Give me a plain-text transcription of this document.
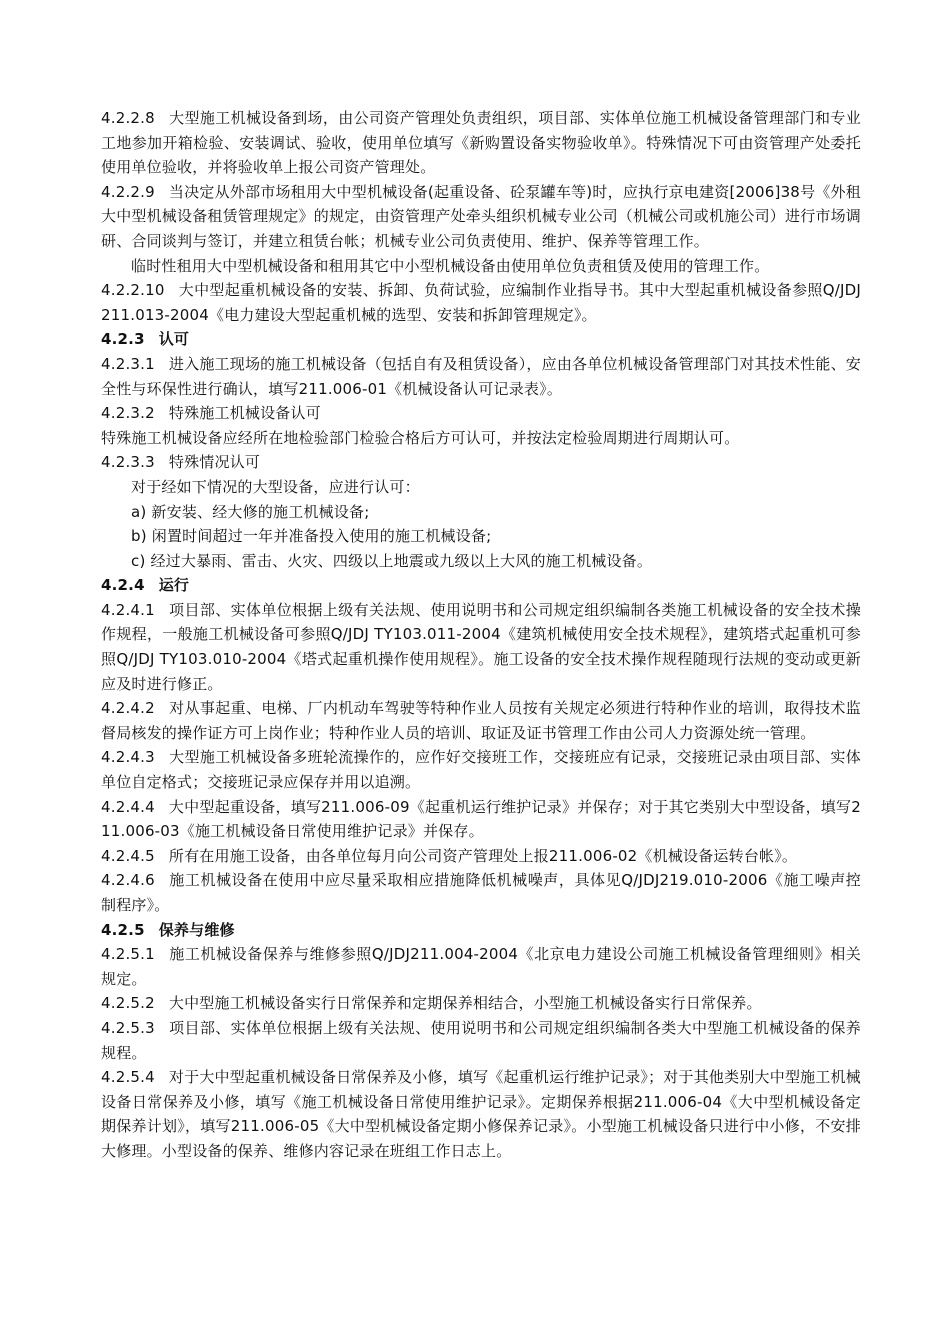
4.2.2.8 大型施工机械设备到场，由公司资产管理处负责组织，项目部、实体单位施工机械设备管理部门和专业工地参加开箱检验、安装调试、验收，使用单位填写《新购置设备实物验收单》。特殊情况下可由资管理产处委托使用单位验收，并将验收单上报公司资产管理处。

4.2.2.9 当决定从外部市场租用大中型机械设备(起重设备、砼泵罐车等)时，应执行京电建资[2006]38号《外租大中型机械设备租赁管理规定》的规定，由资管理产处牵头组织机械专业公司（机械公司或机施公司）进行市场调研、合同谈判与签订，并建立租赁台帐；机械专业公司负责使用、维护、保养等管理工作。

临时性租用大中型机械设备和租用其它中小型机械设备由使用单位负责租赁及使用的管理工作。

4.2.2.10 大中型起重机械设备的安装、拆卸、负荷试验，应编制作业指导书。其中大型起重机械设备参照Q/JDJ211.013-2004《电力建设大型起重机械的选型、安装和拆卸管理规定》。

4.2.3 认可

4.2.3.1 进入施工现场的施工机械设备（包括自有及租赁设备），应由各单位机械设备管理部门对其技术性能、安全性与环保性进行确认，填写211.006-01《机械设备认可记录表》。

4.2.3.2 特殊施工机械设备认可

特殊施工机械设备应经所在地检验部门检验合格后方可认可，并按法定检验周期进行周期认可。

4.2.3.3 特殊情况认可

对于经如下情况的大型设备，应进行认可：

a) 新安装、经大修的施工机械设备;

b) 闲置时间超过一年并准备投入使用的施工机械设备;

c) 经过大暴雨、雷击、火灾、四级以上地震或九级以上大风的施工机械设备。

4.2.4 运行

4.2.4.1 项目部、实体单位根据上级有关法规、使用说明书和公司规定组织编制各类施工机械设备的安全技术操作规程，一般施工机械设备可参照Q/JDJ TY103.011-2004《建筑机械使用安全技术规程》，建筑塔式起重机可参照Q/JDJ TY103.010-2004《塔式起重机操作使用规程》。施工设备的安全技术操作规程随现行法规的变动或更新应及时进行修正。

4.2.4.2 对从事起重、电梯、厂内机动车驾驶等特种作业人员按有关规定必须进行特种作业的培训，取得技术监督局核发的操作证方可上岗作业；特种作业人员的培训、取证及证书管理工作由公司人力资源处统一管理。

4.2.4.3 大型施工机械设备多班轮流操作的，应作好交接班工作，交接班应有记录，交接班记录由项目部、实体单位自定格式；交接班记录应保存并用以追溯。

4.2.4.4 大中型起重设备，填写211.006-09《起重机运行维护记录》并保存；对于其它类别大中型设备，填写211.006-03《施工机械设备日常使用维护记录》并保存。

4.2.4.5 所有在用施工设备，由各单位每月向公司资产管理处上报211.006-02《机械设备运转台帐》。

4.2.4.6 施工机械设备在使用中应尽量采取相应措施降低机械噪声，具体见Q/JDJ219.010-2006《施工噪声控制程序》。

4.2.5 保养与维修

4.2.5.1 施工机械设备保养与维修参照Q/JDJ211.004-2004《北京电力建设公司施工机械设备管理细则》相关规定。

4.2.5.2 大中型施工机械设备实行日常保养和定期保养相结合，小型施工机械设备实行日常保养。

4.2.5.3 项目部、实体单位根据上级有关法规、使用说明书和公司规定组织编制各类大中型施工机械设备的保养规程。

4.2.5.4 对于大中型起重机械设备日常保养及小修，填写《起重机运行维护记录》；对于其他类别大中型施工机械设备日常保养及小修，填写《施工机械设备日常使用维护记录》。定期保养根据211.006-04《大中型机械设备定期保养计划》，填写211.006-05《大中型机械设备定期小修保养记录》。小型施工机械设备只进行中小修，不安排大修理。小型设备的保养、维修内容记录在班组工作日志上。
